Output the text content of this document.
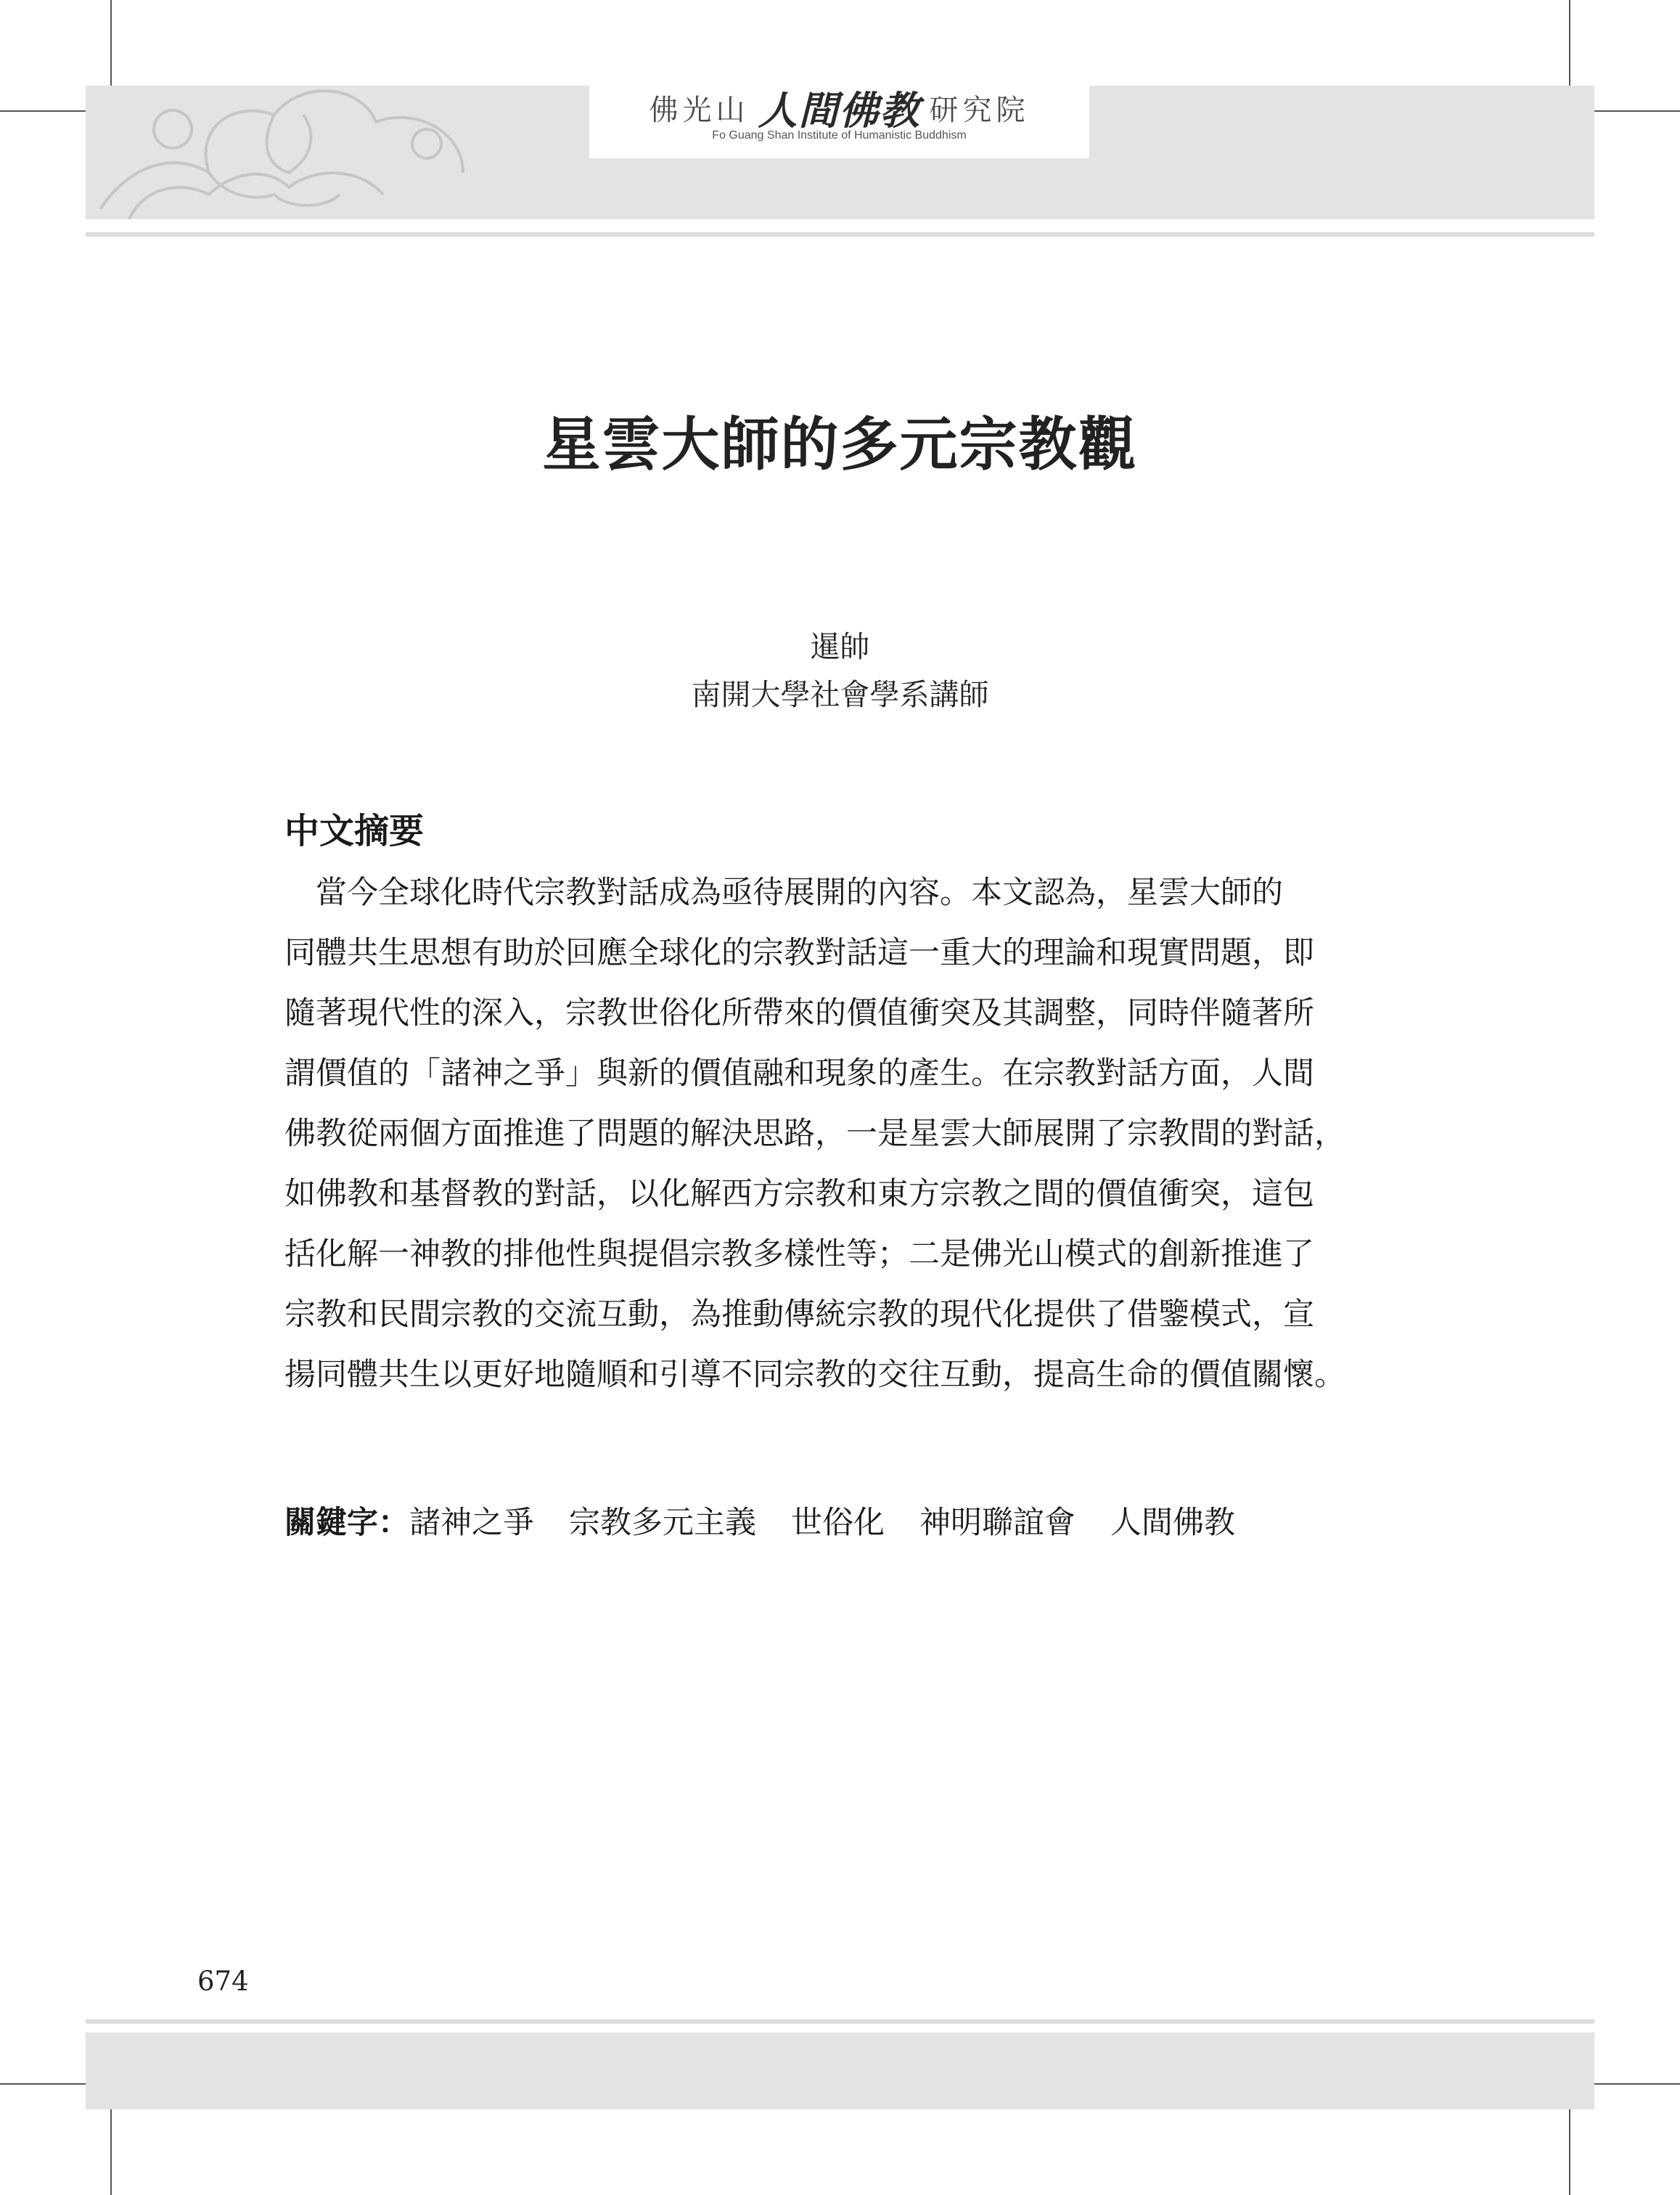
佛光山 人間佛教 研究院
Fo Guang Shan Institute of Humanistic Buddhism
星雲大師的多元宗教觀
暹帥
南開大學社會學系講師
中文摘要
　當今全球化時代宗教對話成為亟待展開的內容。本文認為，星雲大師的
同體共生思想有助於回應全球化的宗教對話這一重大的理論和現實問題，即
隨著現代性的深入，宗教世俗化所帶來的價值衝突及其調整，同時伴隨著所
謂價值的「諸神之爭」與新的價值融和現象的產生。在宗教對話方面，人間
佛教從兩個方面推進了問題的解決思路，一是星雲大師展開了宗教間的對話，
如佛教和基督教的對話，以化解西方宗教和東方宗教之間的價值衝突，這包
括化解一神教的排他性與提倡宗教多樣性等；二是佛光山模式的創新推進了
宗教和民間宗教的交流互動，為推動傳統宗教的現代化提供了借鑒模式，宣
揚同體共生以更好地隨順和引導不同宗教的交往互動，提高生命的價值關懷。
關鍵字：諸神之爭 宗教多元主義 世俗化 神明聯誼會 人間佛教
674
